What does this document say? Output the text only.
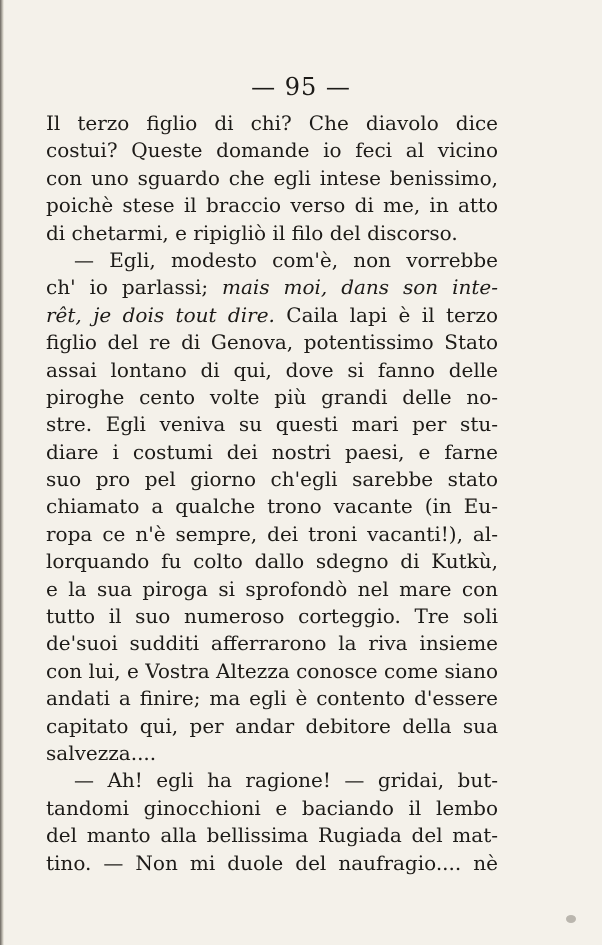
— 95 —
Il terzo figlio di chi? Che diavolo dice
costui? Queste domande io feci al vicino
con uno sguardo che egli intese benissimo,
poichè stese il braccio verso di me, in atto
di chetarmi, e ripigliò il filo del discorso.
— Egli, modesto com'è, non vorrebbe
ch' io parlassi; mais moi, dans son inte-
rêt, je dois tout dire. Caila lapi è il terzo
figlio del re di Genova, potentissimo Stato
assai lontano di qui, dove si fanno delle
piroghe cento volte più grandi delle no-
stre. Egli veniva su questi mari per stu-
diare i costumi dei nostri paesi, e farne
suo pro pel giorno ch'egli sarebbe stato
chiamato a qualche trono vacante (in Eu-
ropa ce n'è sempre, dei troni vacanti!), al-
lorquando fu colto dallo sdegno di Kutkù,
e la sua piroga si sprofondò nel mare con
tutto il suo numeroso corteggio. Tre soli
de'suoi sudditi afferrarono la riva insieme
con lui, e Vostra Altezza conosce come siano
andati a finire; ma egli è contento d'essere
capitato qui, per andar debitore della sua
salvezza....
— Ah! egli ha ragione! — gridai, but-
tandomi ginocchioni e baciando il lembo
del manto alla bellissima Rugiada del mat-
tino. — Non mi duole del naufragio.... nè
